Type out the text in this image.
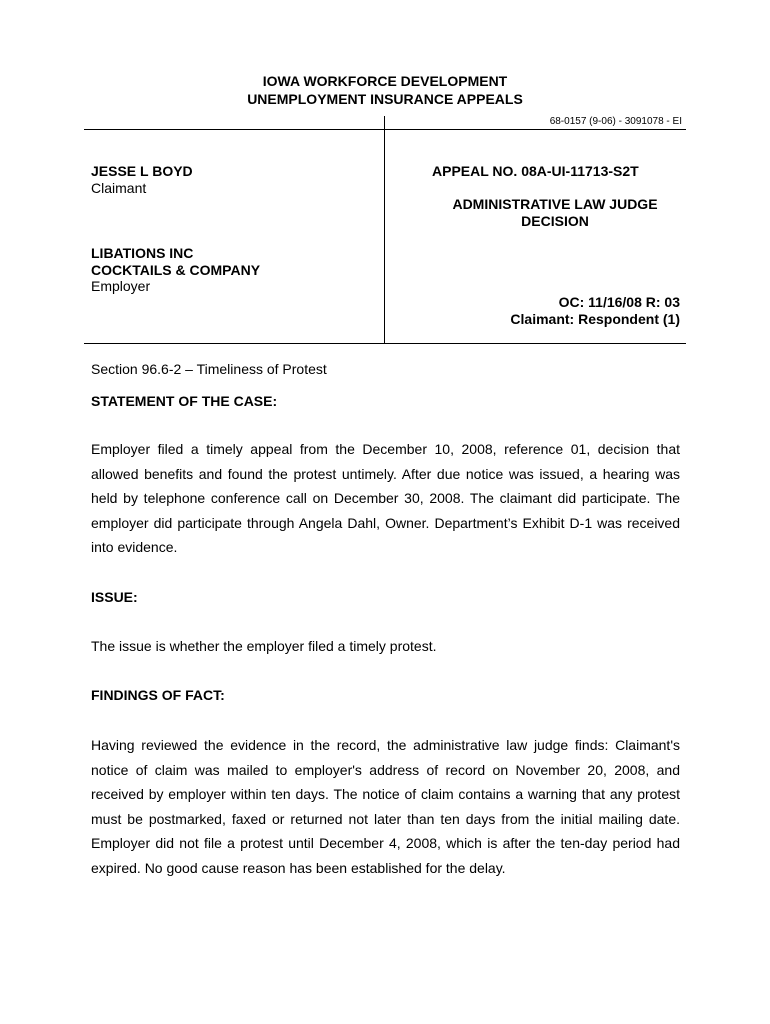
IOWA WORKFORCE DEVELOPMENT
UNEMPLOYMENT INSURANCE APPEALS
68-0157 (9-06) - 3091078 - EI
JESSE L BOYD
Claimant
LIBATIONS INC
COCKTAILS & COMPANY
Employer
APPEAL NO. 08A-UI-11713-S2T
ADMINISTRATIVE LAW JUDGE
DECISION
OC: 11/16/08 R: 03
Claimant: Respondent (1)
Section 96.6-2 – Timeliness of Protest
STATEMENT OF THE CASE:
Employer filed a timely appeal from the December 10, 2008, reference 01, decision that allowed benefits and found the protest untimely. After due notice was issued, a hearing was held by telephone conference call on December 30, 2008. The claimant did participate. The employer did participate through Angela Dahl, Owner. Department’s Exhibit D-1 was received into evidence.
ISSUE:
The issue is whether the employer filed a timely protest.
FINDINGS OF FACT:
Having reviewed the evidence in the record, the administrative law judge finds: Claimant's notice of claim was mailed to employer's address of record on November 20, 2008, and received by employer within ten days. The notice of claim contains a warning that any protest must be postmarked, faxed or returned not later than ten days from the initial mailing date. Employer did not file a protest until December 4, 2008, which is after the ten-day period had expired. No good cause reason has been established for the delay.
